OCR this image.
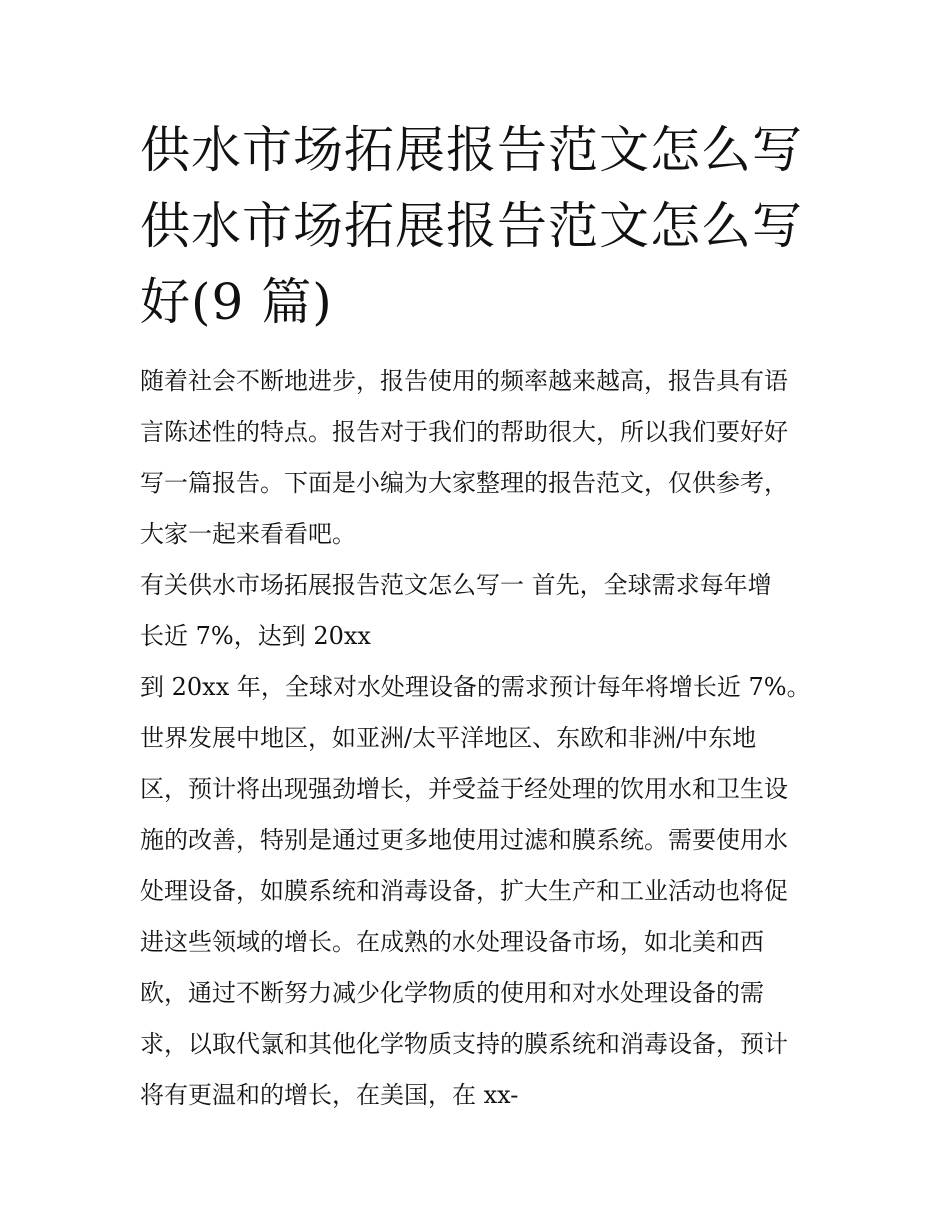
供水市场拓展报告范文怎么写
供水市场拓展报告范文怎么写
好(9 篇)
随着社会不断地进步，报告使用的频率越来越高，报告具有语
言陈述性的特点。报告对于我们的帮助很大，所以我们要好好
写一篇报告。下面是小编为大家整理的报告范文，仅供参考，
大家一起来看看吧。
有关供水市场拓展报告范文怎么写一 首先，全球需求每年增
长近 7%，达到 20xx
到 20xx 年，全球对水处理设备的需求预计每年将增长近 7%。
世界发展中地区，如亚洲/太平洋地区、东欧和非洲/中东地
区，预计将出现强劲增长，并受益于经处理的饮用水和卫生设
施的改善，特别是通过更多地使用过滤和膜系统。需要使用水
处理设备，如膜系统和消毒设备，扩大生产和工业活动也将促
进这些领域的增长。在成熟的水处理设备市场，如北美和西
欧，通过不断努力减少化学物质的使用和对水处理设备的需
求，以取代氯和其他化学物质支持的膜系统和消毒设备，预计
将有更温和的增长，在美国，在 xx-
